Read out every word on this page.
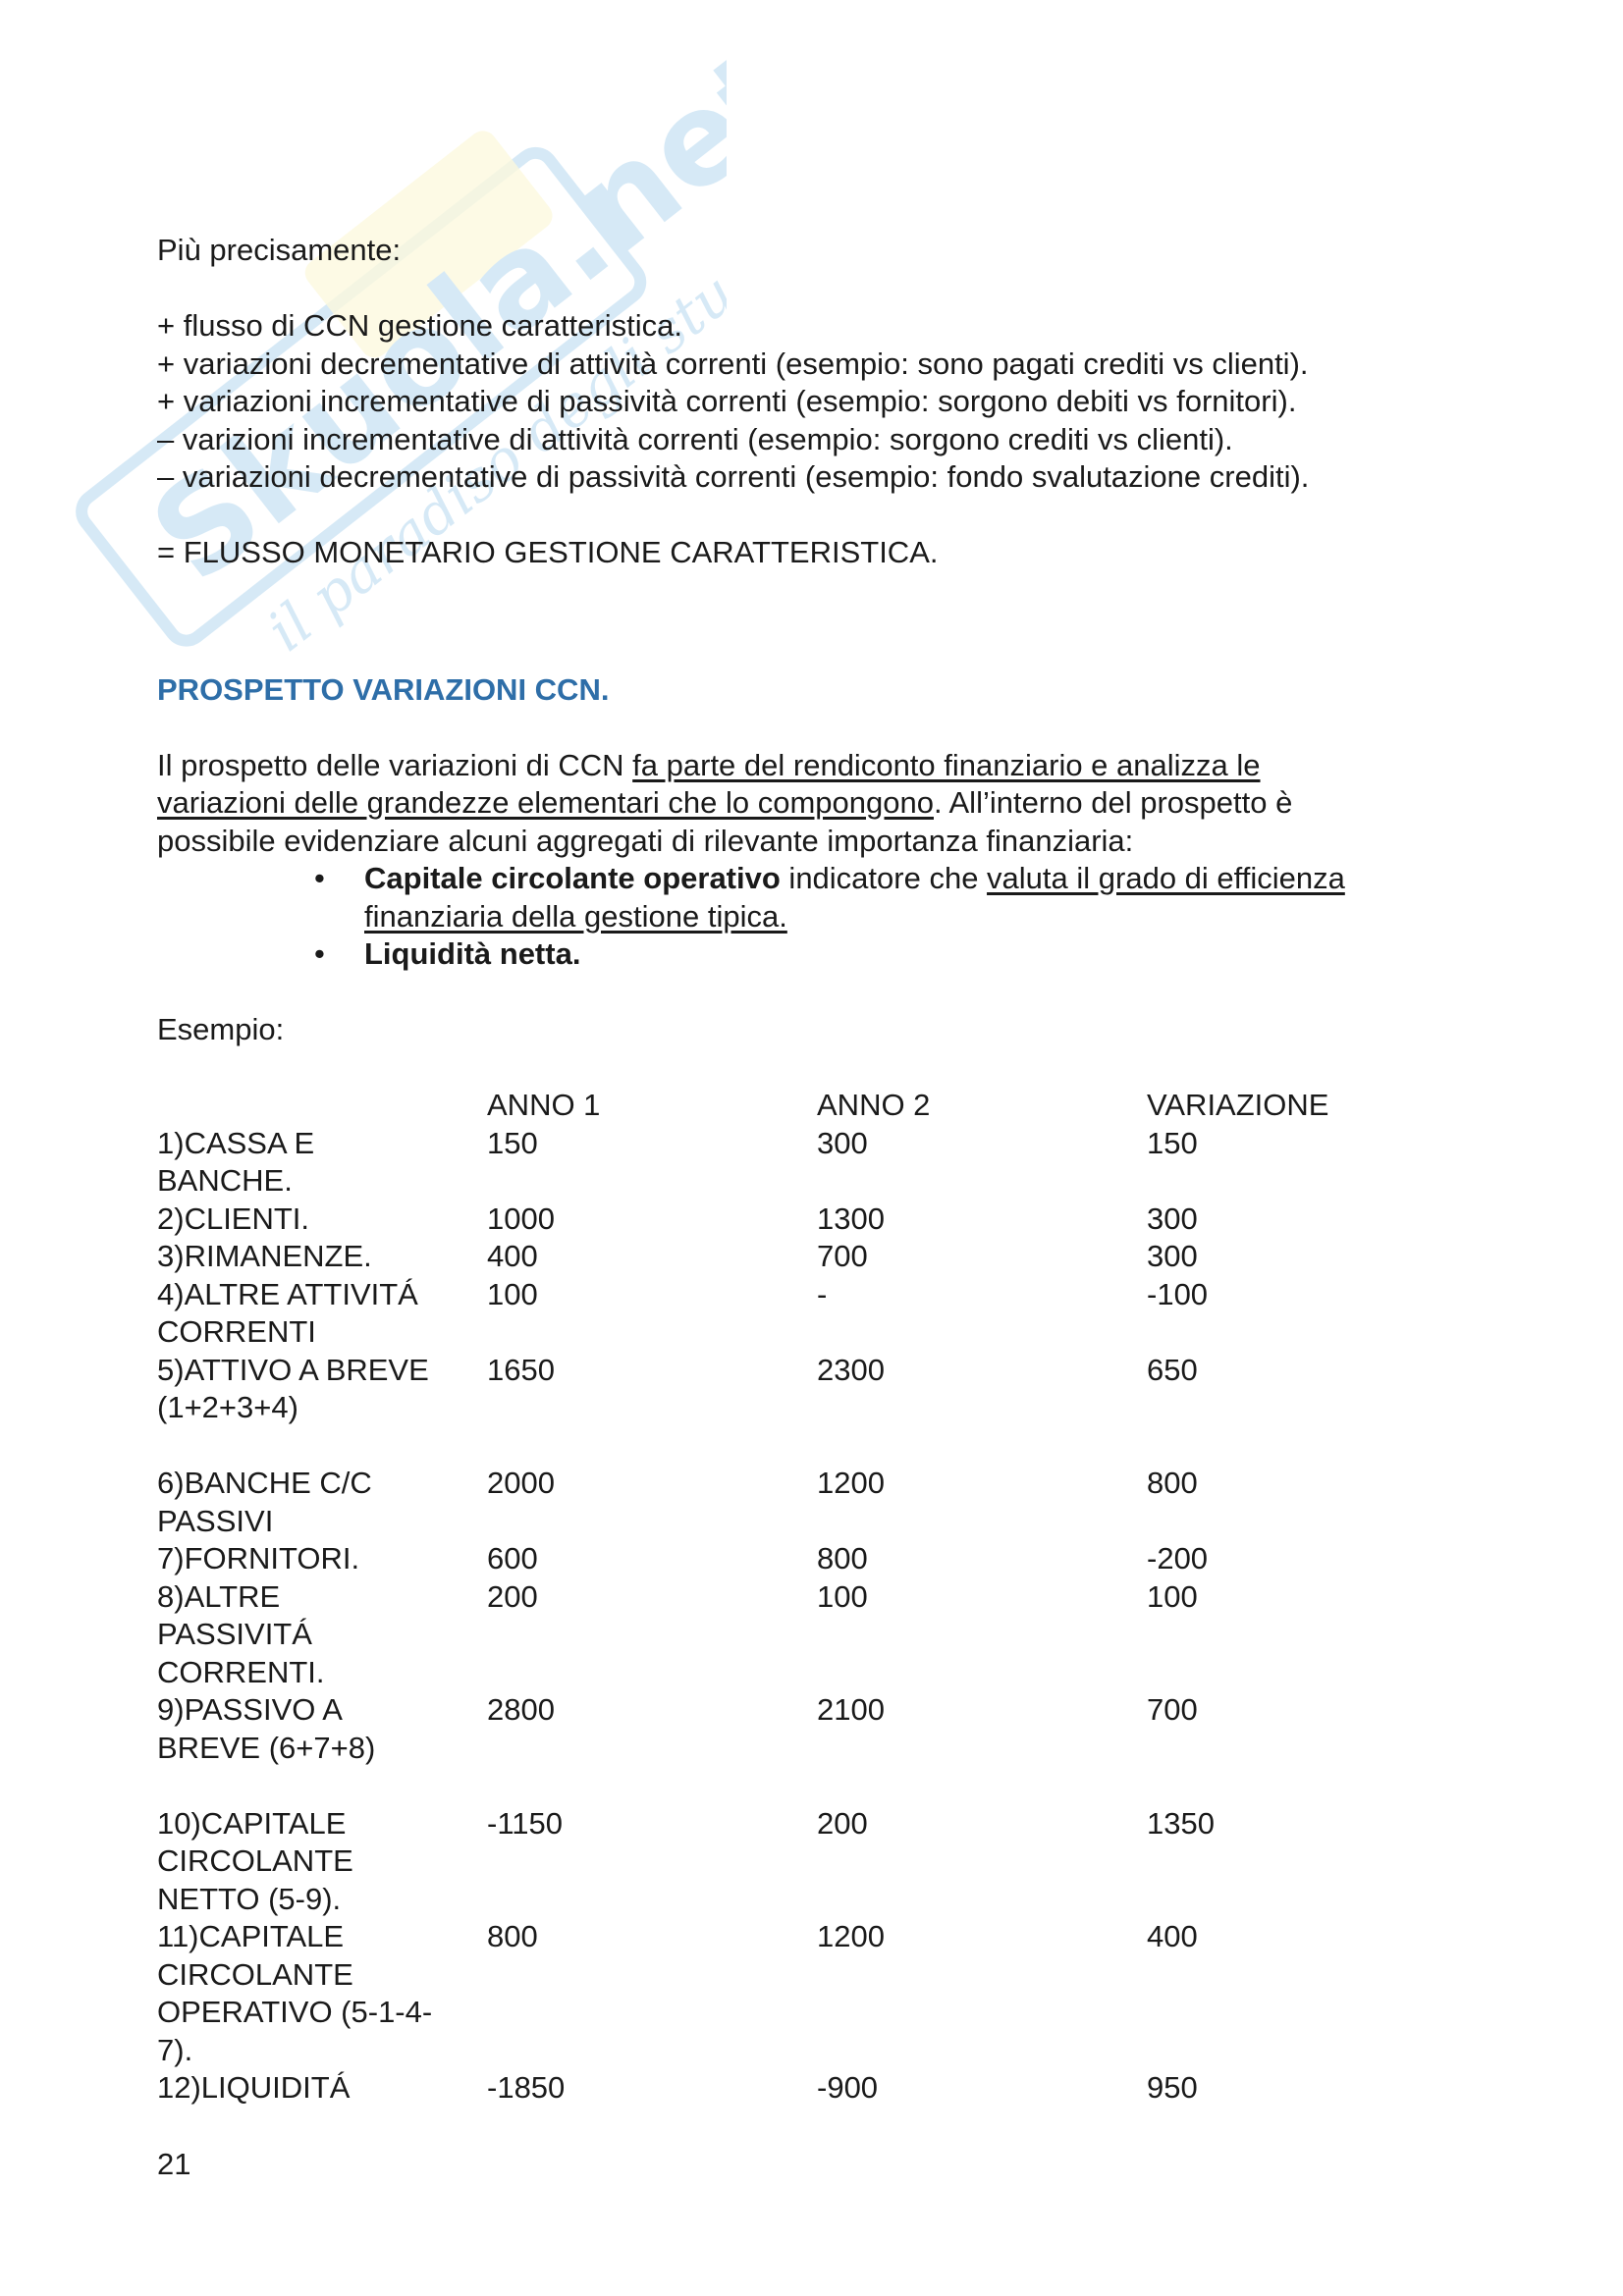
Skuola.net
il paradiso degli studenti
Più precisamente:
+ flusso di CCN gestione caratteristica.
+ variazioni decrementative di attività correnti (esempio: sono pagati crediti vs clienti).
+ variazioni incrementative di passività correnti (esempio: sorgono debiti vs fornitori).
– varizioni incrementative di attività correnti (esempio: sorgono crediti vs clienti).
– variazioni decrementative di passività correnti (esempio: fondo svalutazione crediti).
= FLUSSO MONETARIO GESTIONE CARATTERISTICA.
PROSPETTO VARIAZIONI CCN.
Il prospetto delle variazioni di CCN fa parte del rendiconto finanziario e analizza le
variazioni delle grandezze elementari che lo compongono. All’interno del prospetto è
possibile evidenziare alcuni aggregati di rilevante importanza finanziaria:
• Capitale circolante operativo indicatore che valuta il grado di efficienza finanziaria della gestione tipica.
• Liquidità netta.
Esempio:
	ANNO 1	ANNO 2	VARIAZIONE

1)CASSA E
BANCHE.	150	300	150

2)CLIENTI.	1000	1300	300

3)RIMANENZE.	400	700	300

4)ALTRE ATTIVITÁ
CORRENTI	100	-	-100

5)ATTIVO A BREVE
(1+2+3+4)	1650	2300	650

6)BANCHE C/C
PASSIVI	2000	1200	800

7)FORNITORI.	600	800	-200

8)ALTRE
PASSIVITÁ
CORRENTI.	200	100	100

9)PASSIVO A
BREVE (6+7+8)	2800	2100	700

10)CAPITALE
CIRCOLANTE
NETTO (5-9).	-1150	200	1350

11)CAPITALE
CIRCOLANTE
OPERATIVO (5-1-4-
7).	800	1200	400

12)LIQUIDITÁ	-1850	-900	950
21
